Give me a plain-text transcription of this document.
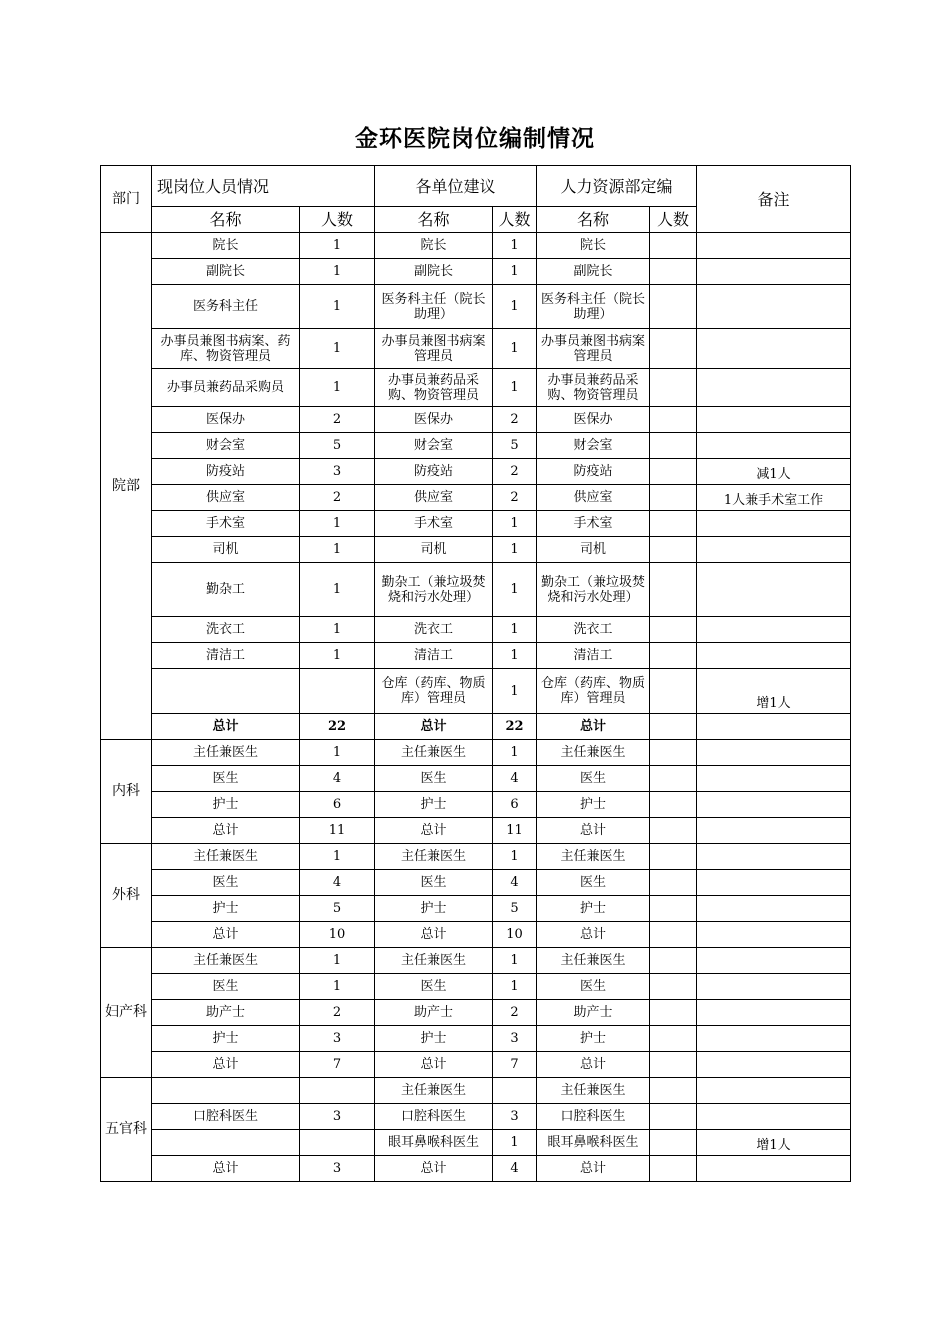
金环医院岗位编制情况
部门	现岗位人员情况		各单位建议		人力资源部定编		备注
	名称	人数	名称	人数	名称	人数	
院部	院长	1	院长	1	院长		
	副院长	1	副院长	1	副院长		
	医务科主任	1	医务科主任（院长助理）	1	医务科主任（院长助理）		
	办事员兼图书病案、药库、物资管理员	1	办事员兼图书病案管理员	1	办事员兼图书病案管理员		
	办事员兼药品采购员	1	办事员兼药品采购、物资管理员	1	办事员兼药品采购、物资管理员		
	医保办	2	医保办	2	医保办		
	财会室	5	财会室	5	财会室		
	防疫站	3	防疫站	2	防疫站		减1人
	供应室	2	供应室	2	供应室		1人兼手术室工作
	手术室	1	手术室	1	手术室		
	司机	1	司机	1	司机		
	勤杂工	1	勤杂工（兼垃圾焚烧和污水处理）	1	勤杂工（兼垃圾焚烧和污水处理）		
	洗衣工	1	洗衣工	1	洗衣工		
	清洁工	1	清洁工	1	清洁工		
			仓库（药库、物质库）管理员	1	仓库（药库、物质库）管理员		增1人
	总计	22	总计	22	总计		
内科	主任兼医生	1	主任兼医生	1	主任兼医生		
	医生	4	医生	4	医生		
	护士	6	护士	6	护士		
	总计	11	总计	11	总计		
外科	主任兼医生	1	主任兼医生	1	主任兼医生		
	医生	4	医生	4	医生		
	护士	5	护士	5	护士		
	总计	10	总计	10	总计		
妇产科	主任兼医生	1	主任兼医生	1	主任兼医生		
	医生	1	医生	1	医生		
	助产士	2	助产士	2	助产士		
	护士	3	护士	3	护士		
	总计	7	总计	7	总计		
五官科			主任兼医生		主任兼医生		
	口腔科医生	3	口腔科医生	3	口腔科医生		
			眼耳鼻喉科医生	1	眼耳鼻喉科医生		增1人
	总计	3	总计	4	总计		
